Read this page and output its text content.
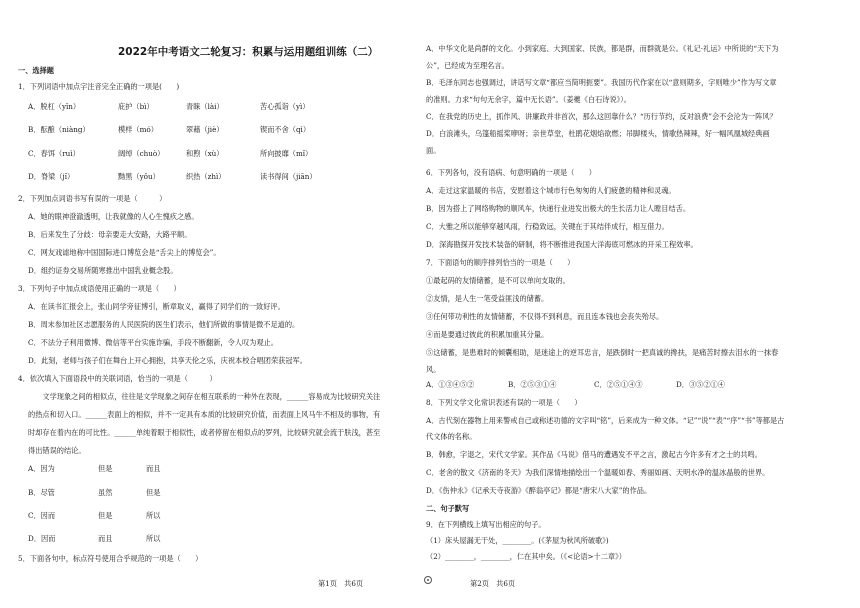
2022年中考语文二轮复习：积累与运用题组训练（二）
一、选择题
1．下列词语中加点字注音完全正确的一项是(　　)
A．脱杠（yǐn）	庇护（bì）	青睐（lài）	苦心孤诣（yì）
B．酝酿（niàng）	模样（mó）	翠藉（jiè）	锲而不舍（qì）
C．春饵（ruì）	阔绰（chuò）	和煦（xù）	所向披靡（mǐ）
D．脊梁（jǐ）	黝黑（yǒu）	织热（zhì）	读书得间（jiān）
2．下列加点词语书写有误的一项是（　　　）
A．她的眼神澄澈透明，让我就像的人心生愧疚之感。
B．后来发生了分歧：母亲要走大安路，大路平顺。
C．网友戏谑地称中国国际进口博览会是“舌尖上的博览会”。
D．组约证券交易所随寒推出中国乳业概念股。
3．下列句子中加点成语使用正确的一项是（　　）
A．在读书汇报会上，张山同学旁征博引，断章取义，赢得了同学们的一致好评。
B．周末参加社区志愿服务的人民医院的医生们表示，他们所做的事情是微不足道的。
C．不法分子利用微博、微信等平台实施诈骗，手段不断翻新，令人叹为观止。
D．此刻，老师与孩子们在舞台上开心拥抱，共享天伦之乐，庆祝本校合唱团荣获冠军。
4．依次填入下面语段中的关联词语，恰当的一项是（　　　）
　　文学现象之间的相似点，往往是文学现象之间存在相互联系的一种外在表现，______容易成为比较研究关注
的热点和切入口。______表面上的相似，并不一定具有本质的比较研究价值，而表面上风马牛不相及的事物，有
时却存在着内在的可比性。______单纯着眼于相似性，或者停留在相似点的罗列，比较研究就会流于肤浅，甚至
得出错误的结论。
A．因为	但是	而且
B．尽管	虽然	但是
C．因而	但是	所以
D．因而	而且	所以
5．下面各句中，标点符号使用合乎规范的一项是（　　）
A．中华文化是尚群的文化。小到家庭、大到国家、民族，都是群，而群就是公。《礼记·礼运》中所说的“天下为
公”，已经成为至理名言。
B．毛泽东同志也强调过，讲话写文章“都应当简明扼要”。我国历代作家在以“意则期多，字则唯少”作为写文章
的准则。力求“句句无余字，篇中无长语”。（姜夔《白石诗说》）。
C．在我党的历史上，抓作风、讲廉政并非首次，那么这回靠什么？“历行节约，反对浪费”会不会沦为一阵风？
D．白浪滩头，乌篷船摇桨咿呀；亲世草堂，杜鹃花烟焰欲燃；吊脚楼头，情歌热辣辣，好一幅风凰城经典画
面。
6．下列各句，没有语病、句意明确的一项是（　　）
A．走过这家温暖的书店，安慰着这个城市行色匆匆的人们疲惫的精神和灵魂。
B．因为搭上了网络购物的顺风车，快递行业进发出极大的生长活力让人瞠目结舌。
C．大雅之所以能够穿越风雨，行稳致远，关键在于其结伴成行，相互借力。
D．深海勘探开发技术装备的研制，将不断推进我国大洋海底可燃冰的开采工程效率。
7．下面语句的顺序排列恰当的一项是（　　）
①最起码的友情储蓄，是不可以单向支取的。
②友情，是人生一笔受益匪浅的储蓄。
③任何带功利性的友情储蓄，不仅得不到利息，而且连本钱也会丧失殆尽。
④而是要通过彼此的积累加重其分量。
⑤这储蓄，是患难时的倾囊相助，是迷途上的逆耳忠言，是跌倒时一把真诚的搀扶，是痛苦时擦去泪水的一抹春
风。
A．①③④⑤②	B．②⑤③①④	C．②⑤①④③	D．③⑤②①④
8．下列文学文化常识表述有误的一项是（　　）
A．古代刻在器物上用来警戒自己或称述功德的文字叫“铭”，后来成为一种文体。“记”“说”“表”“序”“书”等都是古
代文体的名称。
B．韩愈，字退之，宋代文学家。其作品《马说》借马的遭遇发不平之言，激起古今许多有才之士的共鸣。
C．老舍的散文《济南的冬天》为我们深情地描绘出一个温暖如春、秀丽如画、天明水净的温冰晶般的世界。
D．《伤仲永》《记承天寺夜游》《醉翁亭记》都是“唐宋八大家”的作品。
二、句子默写
9．在下列横线上填写出相应的句子。
（1）床头屋漏无干处，________。(《茅屋为秋风所破歌》)
（2）________，________，仁在其中矣。（《<论语>十二章》）
第1页　共6页	第2页　共6页
